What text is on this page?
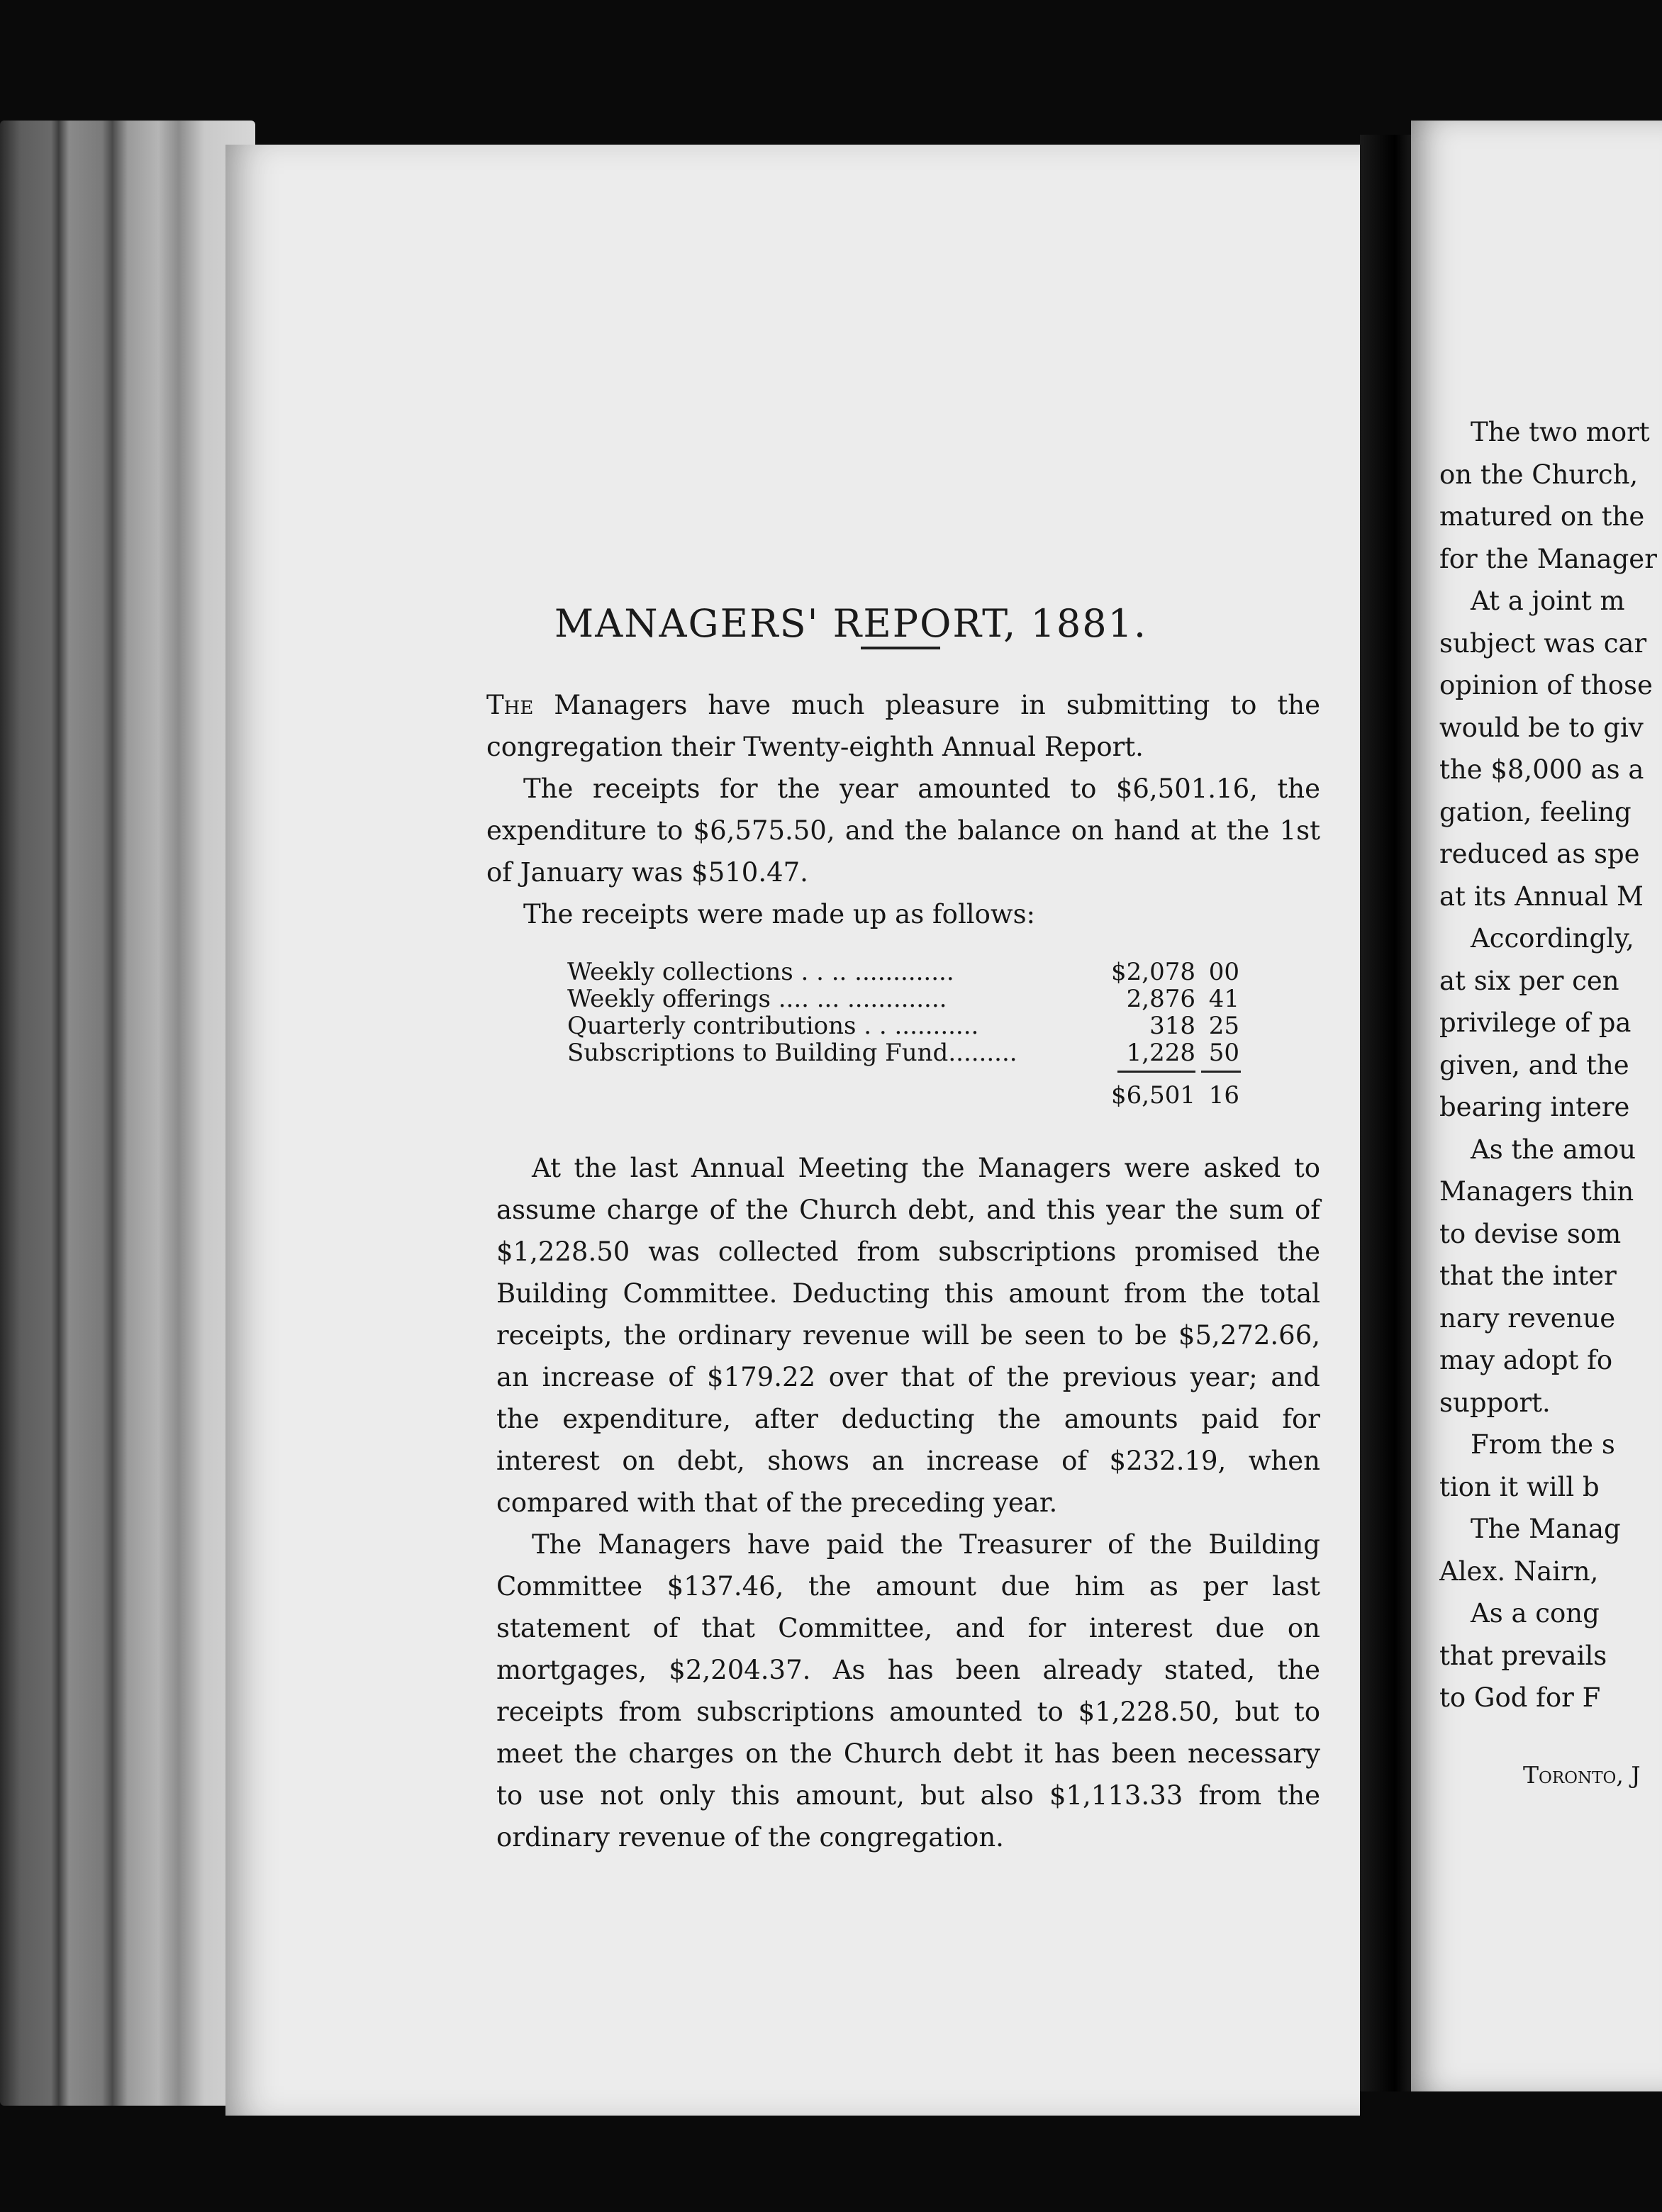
MANAGERS' REPORT, 1881.

The Managers have much pleasure in submitting to the congregation their Twenty-eighth Annual Report.

The receipts for the year amounted to $6,501.16, the expenditure to $6,575.50, and the balance on hand at the 1st of January was $510.47.

The receipts were made up as follows:

Weekly collections . . .. .............	$2,078 00
Weekly offerings .... ... .............	2,876 41
Quarterly contributions . . ...........	318 25
Subscriptions to Building Fund.........	1,228 50
$6,501 16

At the last Annual Meeting the Managers were asked to assume charge of the Church debt, and this year the sum of $1,228.50 was collected from subscriptions promised the Building Committee. Deducting this amount from the total receipts, the ordinary revenue will be seen to be $5,272.66, an increase of $179.22 over that of the previous year; and the expenditure, after deducting the amounts paid for interest on debt, shows an increase of $232.19, when compared with that of the preceding year.

The Managers have paid the Treasurer of the Building Committee $137.46, the amount due him as per last statement of that Committee, and for interest due on mortgages, $2,204.37. As has been already stated, the receipts from subscriptions amounted to $1,228.50, but to meet the charges on the Church debt it has been necessary to use not only this amount, but also $1,113.33 from the ordinary revenue of the congregation.

The two mort
on the Church,
matured on the
for the Manager
At a joint m
subject was car
opinion of those
would be to giv
the $8,000 as a
gation, feeling
reduced as spe
at its Annual M
Accordingly,
at six per cen
privilege of pa
given, and the
bearing intere
As the amou
Managers thin
to devise som
that the inter
nary revenue
may adopt fo
support.
From the s
tion it will b
The Manag
Alex. Nairn,
As a cong
that prevails
to God for F
Toronto, J
